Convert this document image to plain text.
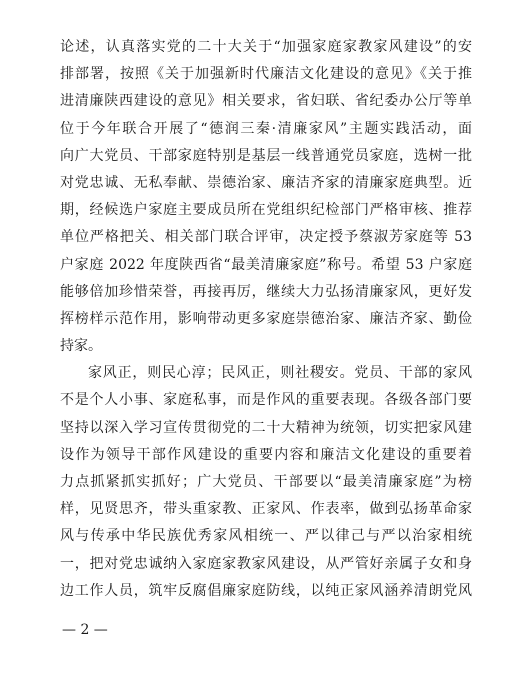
论述，认真落实党的二十大关于“加强家庭家教家风建设”的安
排部署，按照《关于加强新时代廉洁文化建设的意见》《关于推
进清廉陕西建设的意见》相关要求，省妇联、省纪委办公厅等单
位于今年联合开展了“德润三秦·清廉家风”主题实践活动，面
向广大党员、干部家庭特别是基层一线普通党员家庭，选树一批
对党忠诚、无私奉献、崇德治家、廉洁齐家的清廉家庭典型。近
期，经候选户家庭主要成员所在党组织纪检部门严格审核、推荐
单位严格把关、相关部门联合评审，决定授予蔡淑芳家庭等 53
户家庭 2022 年度陕西省“最美清廉家庭”称号。希望 53 户家庭
能够倍加珍惜荣誉，再接再厉，继续大力弘扬清廉家风，更好发
挥榜样示范作用，影响带动更多家庭崇德治家、廉洁齐家、勤俭
持家。
家风正，则民心淳；民风正，则社稷安。党员、干部的家风
不是个人小事、家庭私事，而是作风的重要表现。各级各部门要
坚持以深入学习宣传贯彻党的二十大精神为统领，切实把家风建
设作为领导干部作风建设的重要内容和廉洁文化建设的重要着
力点抓紧抓实抓好；广大党员、干部要以“最美清廉家庭”为榜
样，见贤思齐，带头重家教、正家风、作表率，做到弘扬革命家
风与传承中华民族优秀家风相统一、严以律己与严以治家相统
一，把对党忠诚纳入家庭家教家风建设，从严管好亲属子女和身
边工作人员，筑牢反腐倡廉家庭防线，以纯正家风涵养清朗党风
— 2 —
